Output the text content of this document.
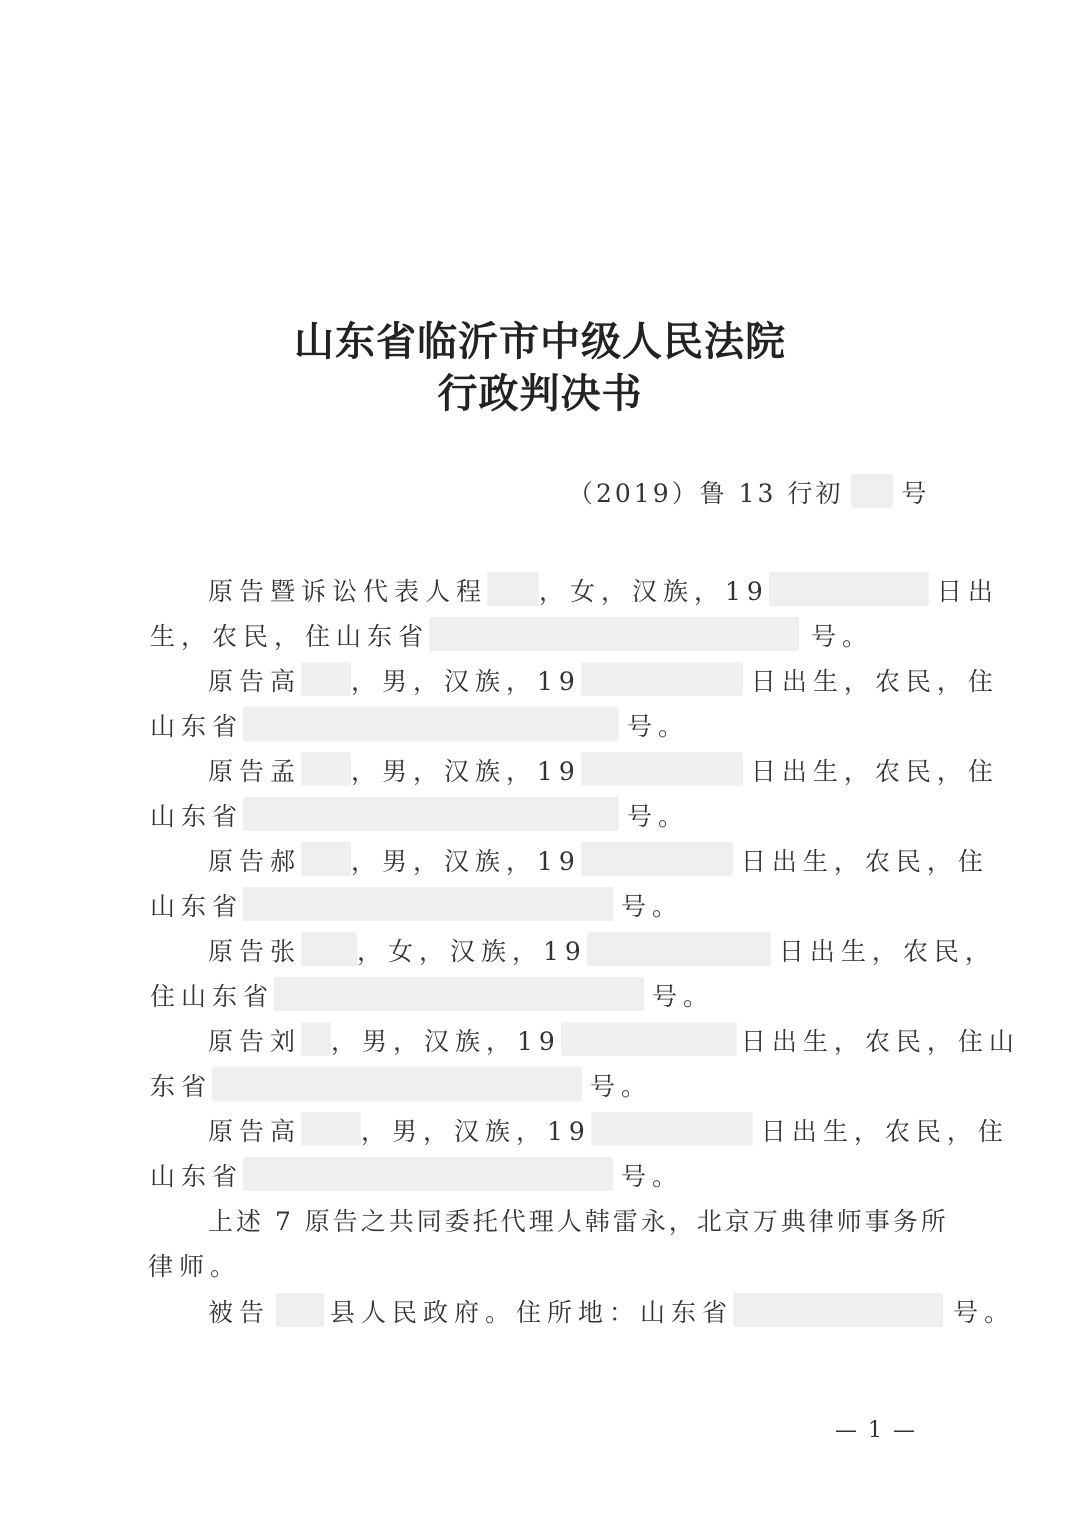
山东省临沂市中级人民法院
行政判决书
（2019）鲁 13 行初 号
原告暨诉讼代表人程 ，女，汉族，19	日出
生，农民，住山东省	号。
原告高 ，男，汉族，19	日出生，农民，住
山东省	号。
原告孟 ，男，汉族，19	日出生，农民，住
山东省	号。
原告郝 ，男，汉族，19	日出生，农民，住
山东省	号。
原告张 ，女，汉族，19	日出生，农民，
住山东省	号。
原告刘 ，男，汉族，19	日出生，农民，住山
东省	号。
原告高 ，男，汉族，19	日出生，农民，住
山东省	号。
上述 7 原告之共同委托代理人韩雷永，北京万典律师事务所
律师。
被告 县人民政府。住所地：山东省	号。
— 1 —
